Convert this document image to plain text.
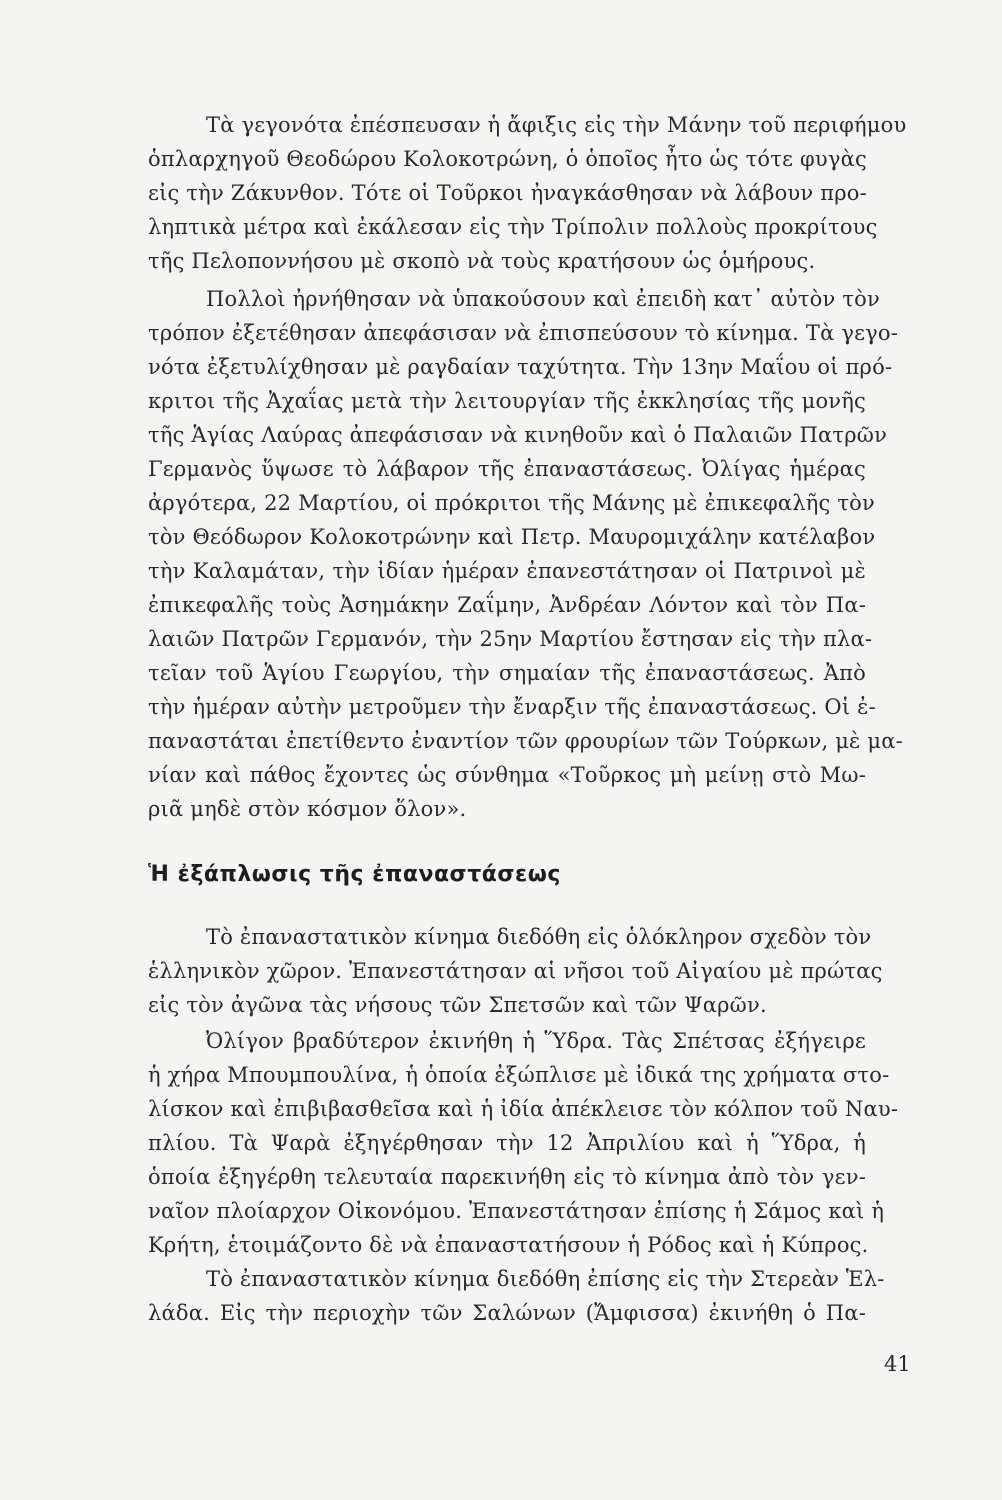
Τὰ γεγονότα ἐπέσπευσαν ἡ ἄφιξις εἰς τὴν Μάνην τοῦ περιφήμου
ὁπλαρχηγοῦ Θεοδώρου Κολοκοτρώνη, ὁ ὁποῖος ἦτο ὡς τότε φυγὰς
εἰς τὴν Ζάκυνθον. Τότε οἱ Τοῦρκοι ἠναγκάσθησαν νὰ λάβουν προ-
ληπτικὰ μέτρα καὶ ἐκάλεσαν εἰς τὴν Τρίπολιν πολλοὺς προκρίτους
τῆς Πελοποννήσου μὲ σκοπὸ νὰ τοὺς κρατήσουν ὡς ὁμήρους.
Πολλοὶ ἠρνήθησαν νὰ ὑπακούσουν καὶ ἐπειδὴ κατ᾽ αὐτὸν τὸν
τρόπον ἐξετέθησαν ἀπεφάσισαν νὰ ἐπισπεύσουν τὸ κίνημα. Τὰ γεγο-
νότα ἐξετυλίχθησαν μὲ ραγδαίαν ταχύτητα. Τὴν 13ην Μαΐου οἱ πρό-
κριτοι τῆς Ἀχαΐας μετὰ τὴν λειτουργίαν τῆς ἐκκλησίας τῆς μονῆς
τῆς Ἁγίας Λαύρας ἀπεφάσισαν νὰ κινηθοῦν καὶ ὁ Παλαιῶν Πατρῶν
Γερμανὸς ὕψωσε τὸ λάβαρον τῆς ἐπαναστάσεως. Ὀλίγας ἡμέρας
ἀργότερα, 22 Μαρτίου, οἱ πρόκριτοι τῆς Μάνης μὲ ἐπικεφαλῆς τὸν
τὸν Θεόδωρον Κολοκοτρώνην καὶ Πετρ. Μαυρομιχάλην κατέλαβον
τὴν Καλαμάταν, τὴν ἰδίαν ἡμέραν ἐπανεστάτησαν οἱ Πατρινοὶ μὲ
ἐπικεφαλῆς τοὺς Ἀσημάκην Ζαΐμην, Ἀνδρέαν Λόντον καὶ τὸν Πα-
λαιῶν Πατρῶν Γερμανόν, τὴν 25ην Μαρτίου ἔστησαν εἰς τὴν πλα-
τεῖαν τοῦ Ἁγίου Γεωργίου, τὴν σημαίαν τῆς ἐπαναστάσεως. Ἀπὸ
τὴν ἡμέραν αὐτὴν μετροῦμεν τὴν ἔναρξιν τῆς ἐπαναστάσεως. Οἱ ἐ-
παναστάται ἐπετίθεντο ἐναντίον τῶν φρουρίων τῶν Τούρκων, μὲ μα-
νίαν καὶ πάθος ἔχοντες ὡς σύνθημα «Τοῦρκος μὴ μείνῃ στὸ Μω-
ριᾶ μηδὲ στὸν κόσμον ὅλον».
Ἡ ἐξάπλωσις τῆς ἐπαναστάσεως
Τὸ ἐπαναστατικὸν κίνημα διεδόθη εἰς ὁλόκληρον σχεδὸν τὸν
ἑλληνικὸν χῶρον. Ἐπανεστάτησαν αἱ νῆσοι τοῦ Αἰγαίου μὲ πρώτας
εἰς τὸν ἀγῶνα τὰς νήσους τῶν Σπετσῶν καὶ τῶν Ψαρῶν.
Ὀλίγον βραδύτερον ἐκινήθη ἡ Ὕδρα. Τὰς Σπέτσας ἐξήγειρε
ἡ χήρα Μπουμπουλίνα, ἡ ὁποία ἐξώπλισε μὲ ἰδικά της χρήματα στο-
λίσκον καὶ ἐπιβιβασθεῖσα καὶ ἡ ἰδία ἀπέκλεισε τὸν κόλπον τοῦ Ναυ-
πλίου. Τὰ Ψαρὰ ἐξηγέρθησαν τὴν 12 Ἀπριλίου καὶ ἡ Ὕδρα, ἡ
ὁποία ἐξηγέρθη τελευταία παρεκινήθη εἰς τὸ κίνημα ἀπὸ τὸν γεν-
ναῖον πλοίαρχον Οἰκονόμου. Ἐπανεστάτησαν ἐπίσης ἡ Σάμος καὶ ἡ
Κρήτη, ἑτοιμάζοντο δὲ νὰ ἐπαναστατήσουν ἡ Ρόδος καὶ ἡ Κύπρος.
Τὸ ἐπαναστατικὸν κίνημα διεδόθη ἐπίσης εἰς τὴν Στερεὰν Ἑλ-
λάδα. Εἰς τὴν περιοχὴν τῶν Σαλώνων (Ἄμφισσα) ἐκινήθη ὁ Πα-
41
